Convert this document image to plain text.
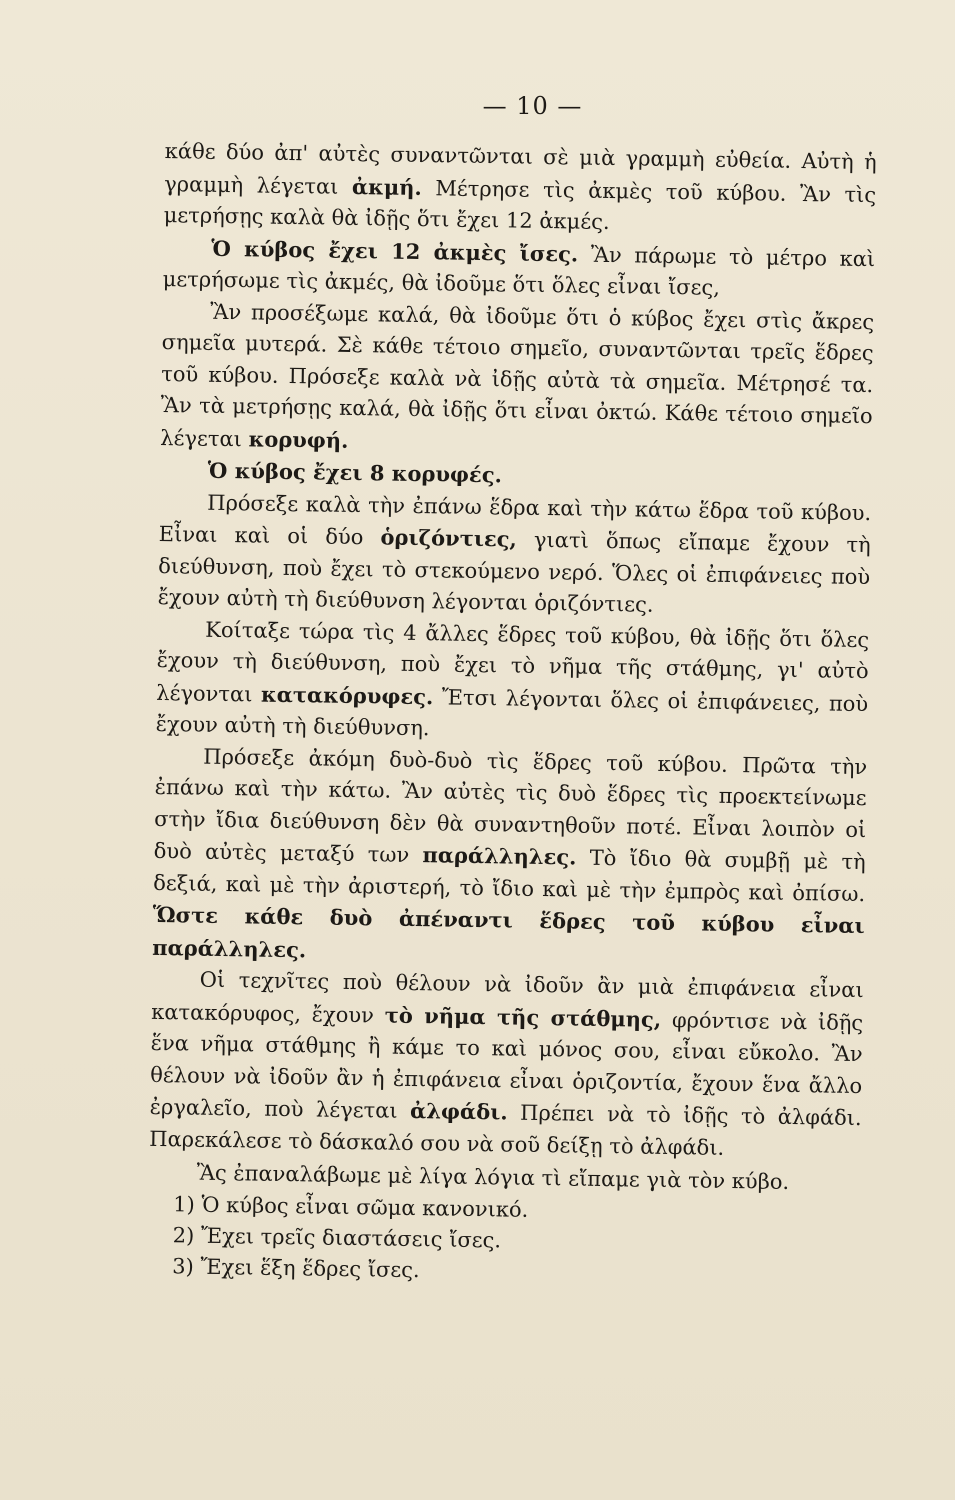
— 10 —

κάθε δύο ἀπ' αὐτὲς συναντῶνται σὲ μιὰ γραμμὴ εὐθεία. Αὐτὴ ἡ γραμμὴ λέγεται ἀκμή. Μέτρησε τὶς ἀκμὲς τοῦ κύβου. Ἂν τὶς μετρήσῃς καλὰ θὰ ἰδῇς ὅτι ἔχει 12 ἀκμές.

Ὁ κύβος ἔχει 12 ἀκμὲς ἴσες. Ἂν πάρωμε τὸ μέτρο καὶ μετρήσωμε τὶς ἀκμές, θὰ ἰδοῦμε ὅτι ὅλες εἶναι ἴσες,

Ἂν προσέξωμε καλά, θὰ ἰδοῦμε ὅτι ὁ κύβος ἔχει στὶς ἄκρες σημεῖα μυτερά. Σὲ κάθε τέτοιο σημεῖο, συναντῶνται τρεῖς ἕδρες τοῦ κύβου. Πρόσεξε καλὰ νὰ ἰδῇς αὐτὰ τὰ σημεῖα. Μέτρησέ τα. Ἂν τὰ μετρήσῃς καλά, θὰ ἰδῇς ὅτι εἶναι ὀκτώ. Κάθε τέτοιο σημεῖο λέγεται κορυφή.

Ὁ κύβος ἔχει 8 κορυφές.

Πρόσεξε καλὰ τὴν ἐπάνω ἕδρα καὶ τὴν κάτω ἕδρα τοῦ κύβου. Εἶναι καὶ οἱ δύο ὁριζόντιες, γιατὶ ὅπως εἴπαμε ἔχουν τὴ διεύθυνση, ποὺ ἔχει τὸ στεκούμενο νερό. Ὅλες οἱ ἐπιφάνειες ποὺ ἔχουν αὐτὴ τὴ διεύθυνση λέγονται ὁριζόντιες.

Κοίταξε τώρα τὶς 4 ἄλλες ἕδρες τοῦ κύβου, θὰ ἰδῇς ὅτι ὅλες ἔχουν τὴ διεύθυνση, ποὺ ἔχει τὸ νῆμα τῆς στάθμης, γι' αὐτὸ λέγονται κατακόρυφες. Ἔτσι λέγονται ὅλες οἱ ἐπιφάνειες, ποὺ ἔχουν αὐτὴ τὴ διεύθυνση.

Πρόσεξε ἀκόμη δυὸ-δυὸ τὶς ἕδρες τοῦ κύβου. Πρῶτα τὴν ἐπάνω καὶ τὴν κάτω. Ἂν αὐτὲς τὶς δυὸ ἕδρες τὶς προεκτείνωμε στὴν ἴδια διεύθυνση δὲν θὰ συναντηθοῦν ποτέ. Εἶναι λοιπὸν οἱ δυὸ αὐτὲς μεταξύ των παράλληλες. Τὸ ἴδιο θὰ συμβῇ μὲ τὴ δεξιά, καὶ μὲ τὴν ἀριστερή, τὸ ἴδιο καὶ μὲ τὴν ἐμπρὸς καὶ ὀπίσω. Ὥστε κάθε δυὸ ἀπέναντι ἕδρες τοῦ κύβου εἶναι παράλληλες.

Οἱ τεχνῖτες ποὺ θέλουν νὰ ἰδοῦν ἂν μιὰ ἐπιφάνεια εἶναι κατακόρυφος, ἔχουν τὸ νῆμα τῆς στάθμης, φρόντισε νὰ ἰδῇς ἕνα νῆμα στάθμης ἢ κάμε το καὶ μόνος σου, εἶναι εὔκολο. Ἂν θέλουν νὰ ἰδοῦν ἂν ἡ ἐπιφάνεια εἶναι ὁριζοντία, ἔχουν ἕνα ἄλλο ἐργαλεῖο, ποὺ λέγεται ἀλφάδι. Πρέπει νὰ τὸ ἰδῇς τὸ ἀλφάδι. Παρεκάλεσε τὸ δάσκαλό σου νὰ σοῦ δείξῃ τὸ ἀλφάδι.

Ἂς ἐπαναλάβωμε μὲ λίγα λόγια τὶ εἴπαμε γιὰ τὸν κύβο.

1) Ὁ κύβος εἶναι σῶμα κανονικό.
2) Ἔχει τρεῖς διαστάσεις ἴσες.
3) Ἔχει ἕξη ἕδρες ἴσες.
